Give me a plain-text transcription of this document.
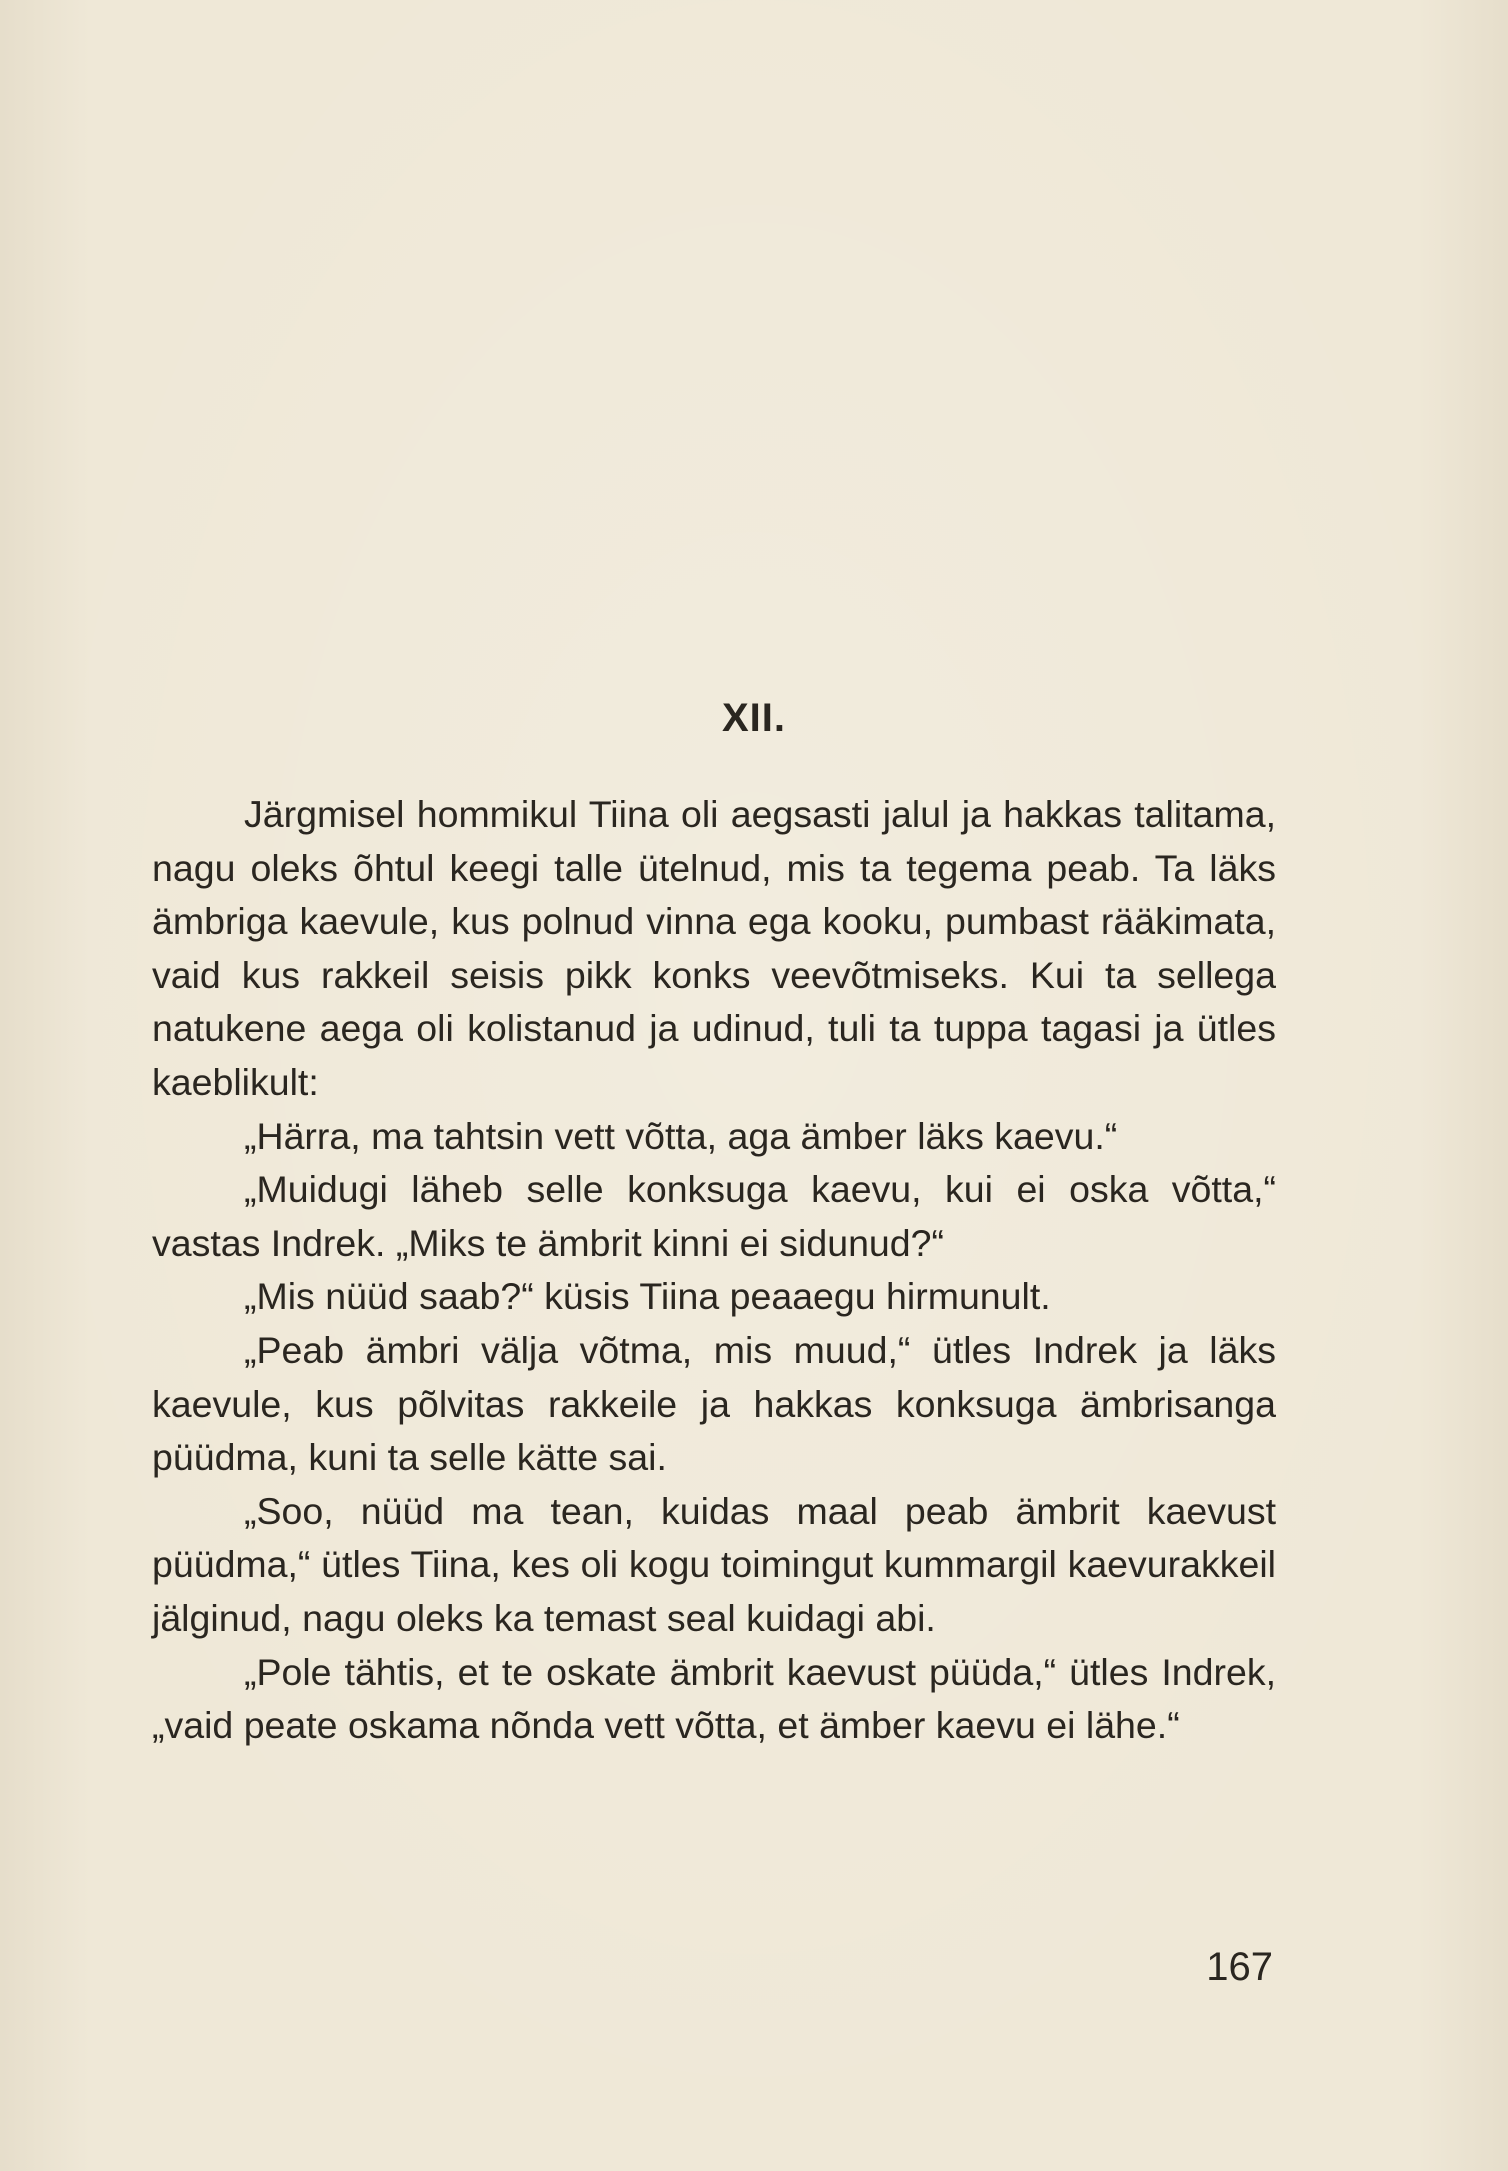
XII.

Järgmisel hommikul Tiina oli aegsasti jalul ja hakkas talitama, nagu oleks õhtul keegi talle ütelnud, mis ta tegema peab. Ta läks ämbriga kaevule, kus polnud vinna ega kooku, pumbast rääkimata, vaid kus rakkeil seisis pikk konks veevõtmiseks. Kui ta sellega natukene aega oli kolistanud ja udinud, tuli ta tuppa tagasi ja ütles kaeblikult:

„Härra, ma tahtsin vett võtta, aga ämber läks kaevu.“

„Muidugi läheb selle konksuga kaevu, kui ei oska võtta,“ vastas Indrek. „Miks te ämbrit kinni ei sidunud?“

„Mis nüüd saab?“ küsis Tiina peaaegu hirmunult.

„Peab ämbri välja võtma, mis muud,“ ütles Indrek ja läks kaevule, kus põlvitas rakkeile ja hakkas konksuga ämbrisanga püüdma, kuni ta selle kätte sai.

„Soo, nüüd ma tean, kuidas maal peab ämbrit kaevust püüdma,“ ütles Tiina, kes oli kogu toimingut kummargil kaevurakkeil jälginud, nagu oleks ka temast seal kuidagi abi.

„Pole tähtis, et te oskate ämbrit kaevust püüda,“ ütles Indrek, „vaid peate oskama nõnda vett võtta, et ämber kaevu ei lähe.“

167
